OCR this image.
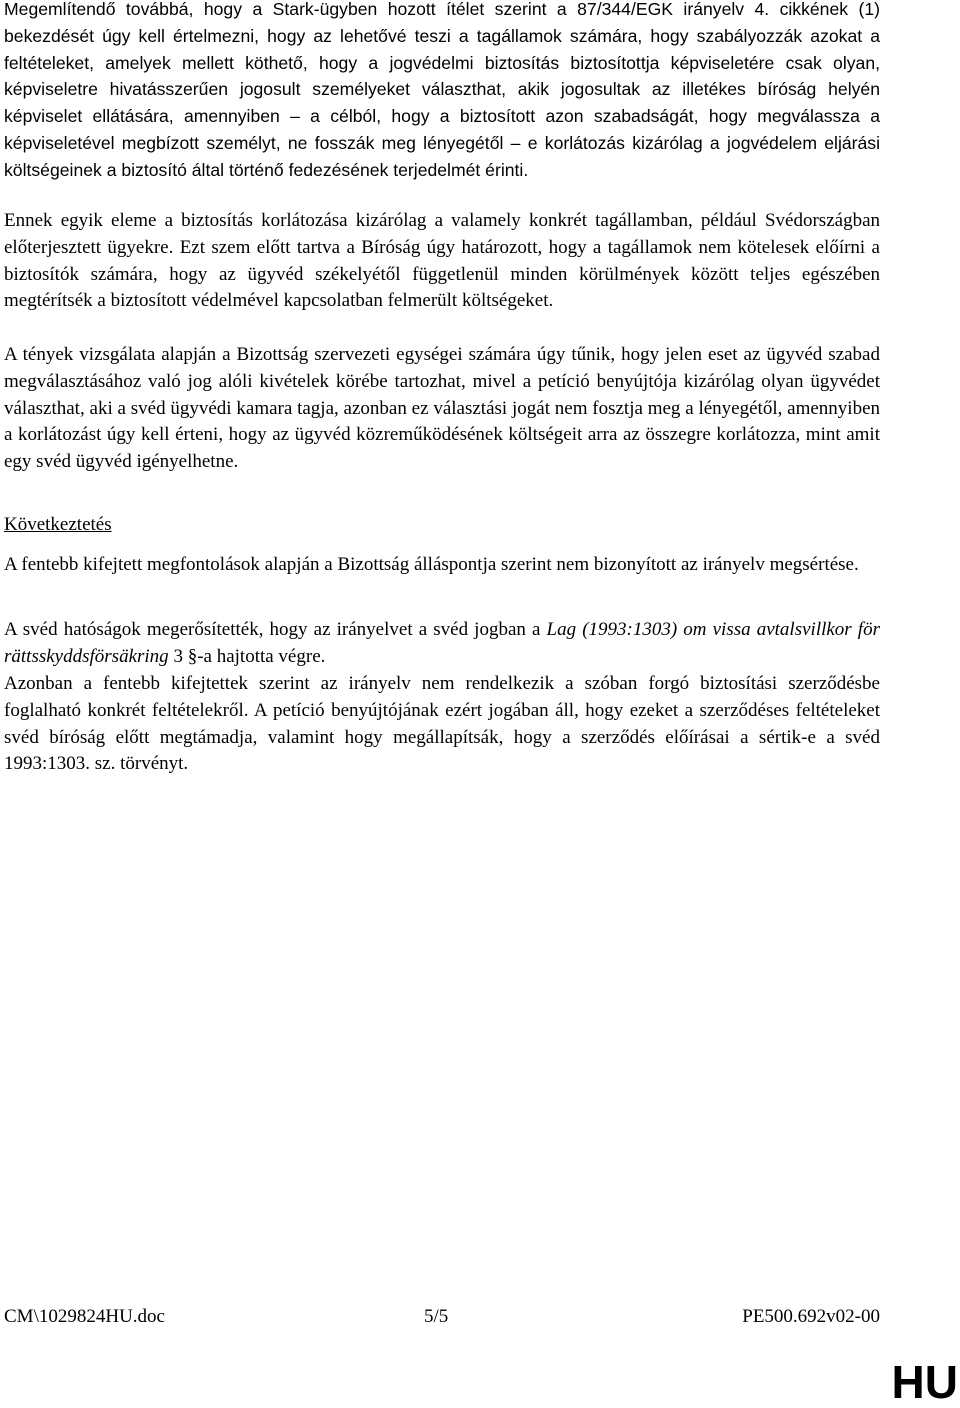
Megemlítendő továbbá, hogy a Stark-ügyben hozott ítélet szerint a 87/344/EGK irányelv 4. cikkének (1) bekezdését úgy kell értelmezni, hogy az lehetővé teszi a tagállamok számára, hogy szabályozzák azokat a feltételeket, amelyek mellett köthető, hogy a jogvédelmi biztosítás biztosítottja képviseletére csak olyan, képviseletre hivatásszerűen jogosult személyeket választhat, akik jogosultak az illetékes bíróság helyén képviselet ellátására, amennyiben – a célból, hogy a biztosított azon szabadságát, hogy megválassza a képviseletével megbízott személyt, ne fosszák meg lényegétől – e korlátozás kizárólag a jogvédelem eljárási költségeinek a biztosító által történő fedezésének terjedelmét érinti.

Ennek egyik eleme a biztosítás korlátozása kizárólag a valamely konkrét tagállamban, például Svédországban előterjesztett ügyekre. Ezt szem előtt tartva a Bíróság úgy határozott, hogy a tagállamok nem kötelesek előírni a biztosítók számára, hogy az ügyvéd székelyétől függetlenül minden körülmények között teljes egészében megtérítsék a biztosított védelmével kapcsolatban felmerült költségeket.

A tények vizsgálata alapján a Bizottság szervezeti egységei számára úgy tűnik, hogy jelen eset az ügyvéd szabad megválasztásához való jog alóli kivételek körébe tartozhat, mivel a petíció benyújtója kizárólag olyan ügyvédet választhat, aki a svéd ügyvédi kamara tagja, azonban ez választási jogát nem fosztja meg a lényegétől, amennyiben a korlátozást úgy kell érteni, hogy az ügyvéd közreműködésének költségeit arra az összegre korlátozza, mint amit egy svéd ügyvéd igényelhetne.

Következtetés

A fentebb kifejtett megfontolások alapján a Bizottság álláspontja szerint nem bizonyított az irányelv megsértése.

A svéd hatóságok megerősítették, hogy az irányelvet a svéd jogban a Lag (1993:1303) om vissa avtalsvillkor för rättsskyddsförsäkring 3 §-a hajtotta végre.

Azonban a fentebb kifejtettek szerint az irányelv nem rendelkezik a szóban forgó biztosítási szerződésbe foglalható konkrét feltételekről. A petíció benyújtójának ezért jogában áll, hogy ezeket a szerződéses feltételeket svéd bíróság előtt megtámadja, valamint hogy megállapítsák, hogy a szerződés előírásai a sértik-e a svéd 1993:1303. sz. törvényt.

CM\1029824HU.doc	5/5	PE500.692v02-00
HU
